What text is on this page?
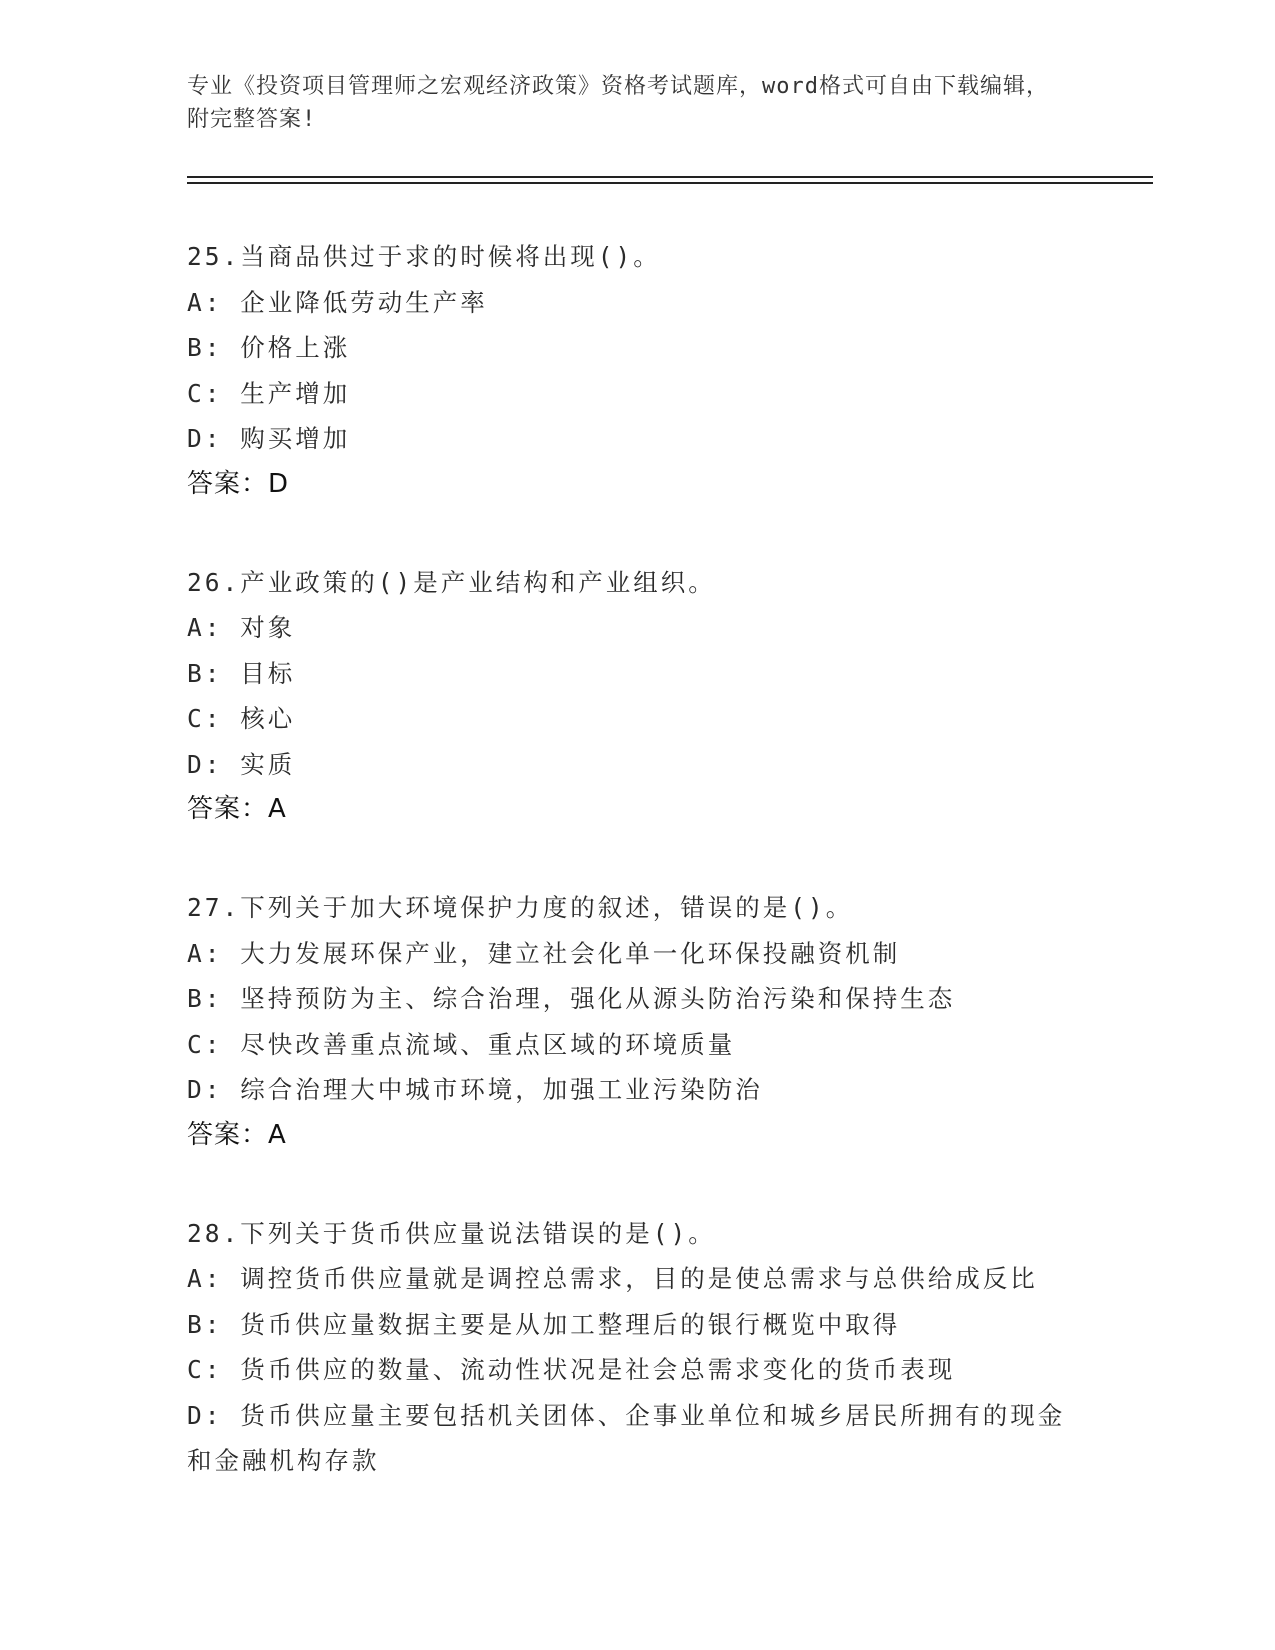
专业《投资项目管理师之宏观经济政策》资格考试题库，word格式可自由下载编辑，附完整答案!
25.当商品供过于求的时候将出现()。
A: 企业降低劳动生产率
B: 价格上涨
C: 生产增加
D: 购买增加
答案：D
26.产业政策的()是产业结构和产业组织。
A: 对象
B: 目标
C: 核心
D: 实质
答案：A
27.下列关于加大环境保护力度的叙述，错误的是()。
A: 大力发展环保产业，建立社会化单一化环保投融资机制
B: 坚持预防为主、综合治理，强化从源头防治污染和保持生态
C: 尽快改善重点流域、重点区域的环境质量
D: 综合治理大中城市环境，加强工业污染防治
答案：A
28.下列关于货币供应量说法错误的是()。
A: 调控货币供应量就是调控总需求，目的是使总需求与总供给成反比
B: 货币供应量数据主要是从加工整理后的银行概览中取得
C: 货币供应的数量、流动性状况是社会总需求变化的货币表现
D: 货币供应量主要包括机关团体、企事业单位和城乡居民所拥有的现金和金融机构存款
